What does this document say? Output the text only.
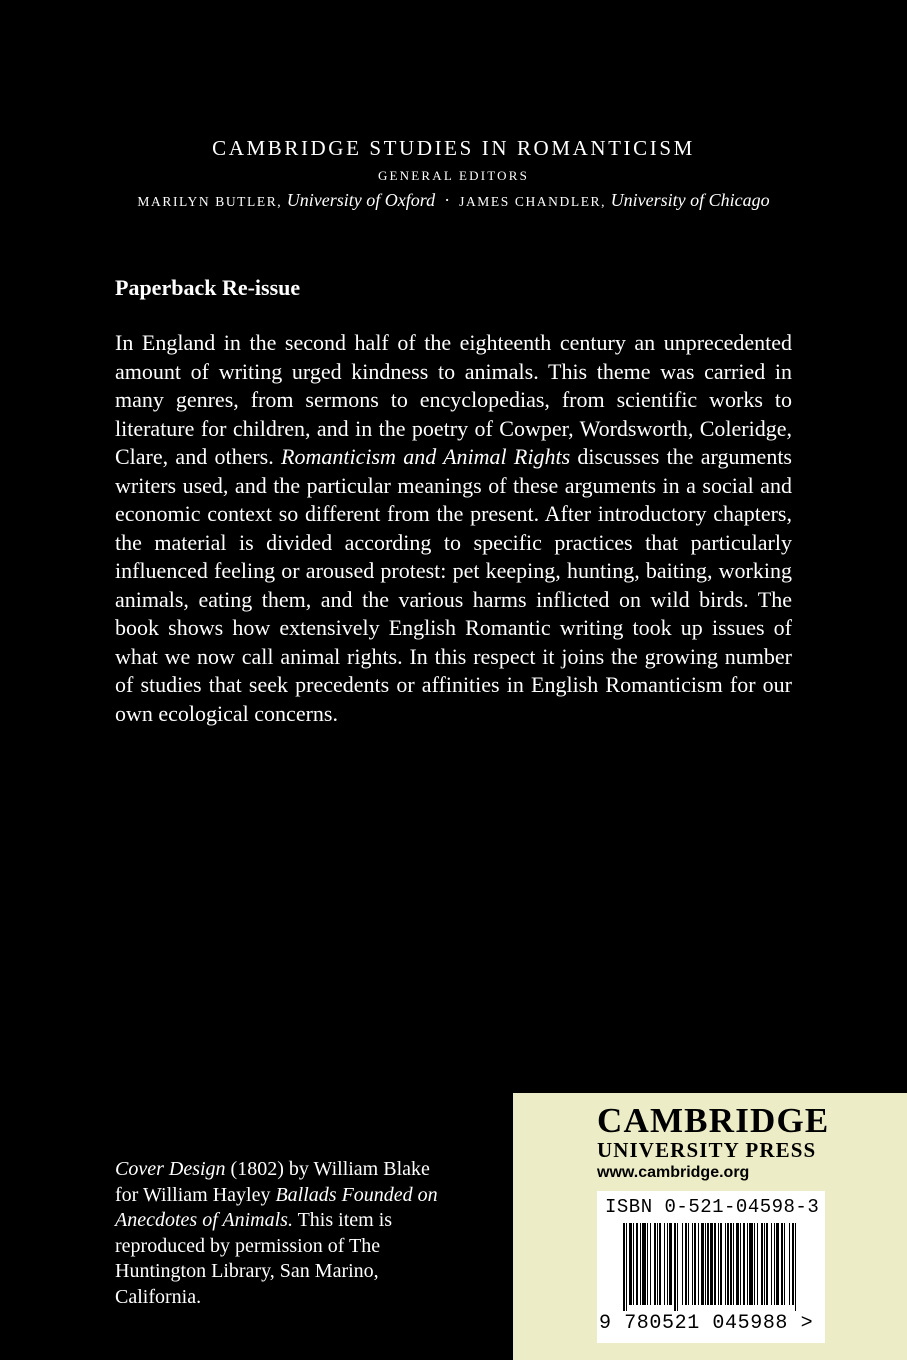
CAMBRIDGE STUDIES IN ROMANTICISM
GENERAL EDITORS
MARILYN BUTLER, University of Oxford · JAMES CHANDLER, University of Chicago
Paperback Re-issue
In England in the second half of the eighteenth century an unprecedented amount of writing urged kindness to animals. This theme was carried in many genres, from sermons to encyclopedias, from scientific works to literature for children, and in the poetry of Cowper, Wordsworth, Coleridge, Clare, and others. Romanticism and Animal Rights discusses the arguments writers used, and the particular meanings of these arguments in a social and economic context so different from the present. After introductory chapters, the material is divided according to specific practices that particularly influenced feeling or aroused protest: pet keeping, hunting, baiting, working animals, eating them, and the various harms inflicted on wild birds. The book shows how extensively English Romantic writing took up issues of what we now call animal rights. In this respect it joins the growing number of studies that seek precedents or affinities in English Romanticism for our own ecological concerns.
Cover Design (1802) by William Blake for William Hayley Ballads Founded on Anecdotes of Animals. This item is reproduced by permission of The Huntington Library, San Marino, California.
CAMBRIDGE
UNIVERSITY PRESS
www.cambridge.org
ISBN 0-521-04598-3
9 780521 045988 >
